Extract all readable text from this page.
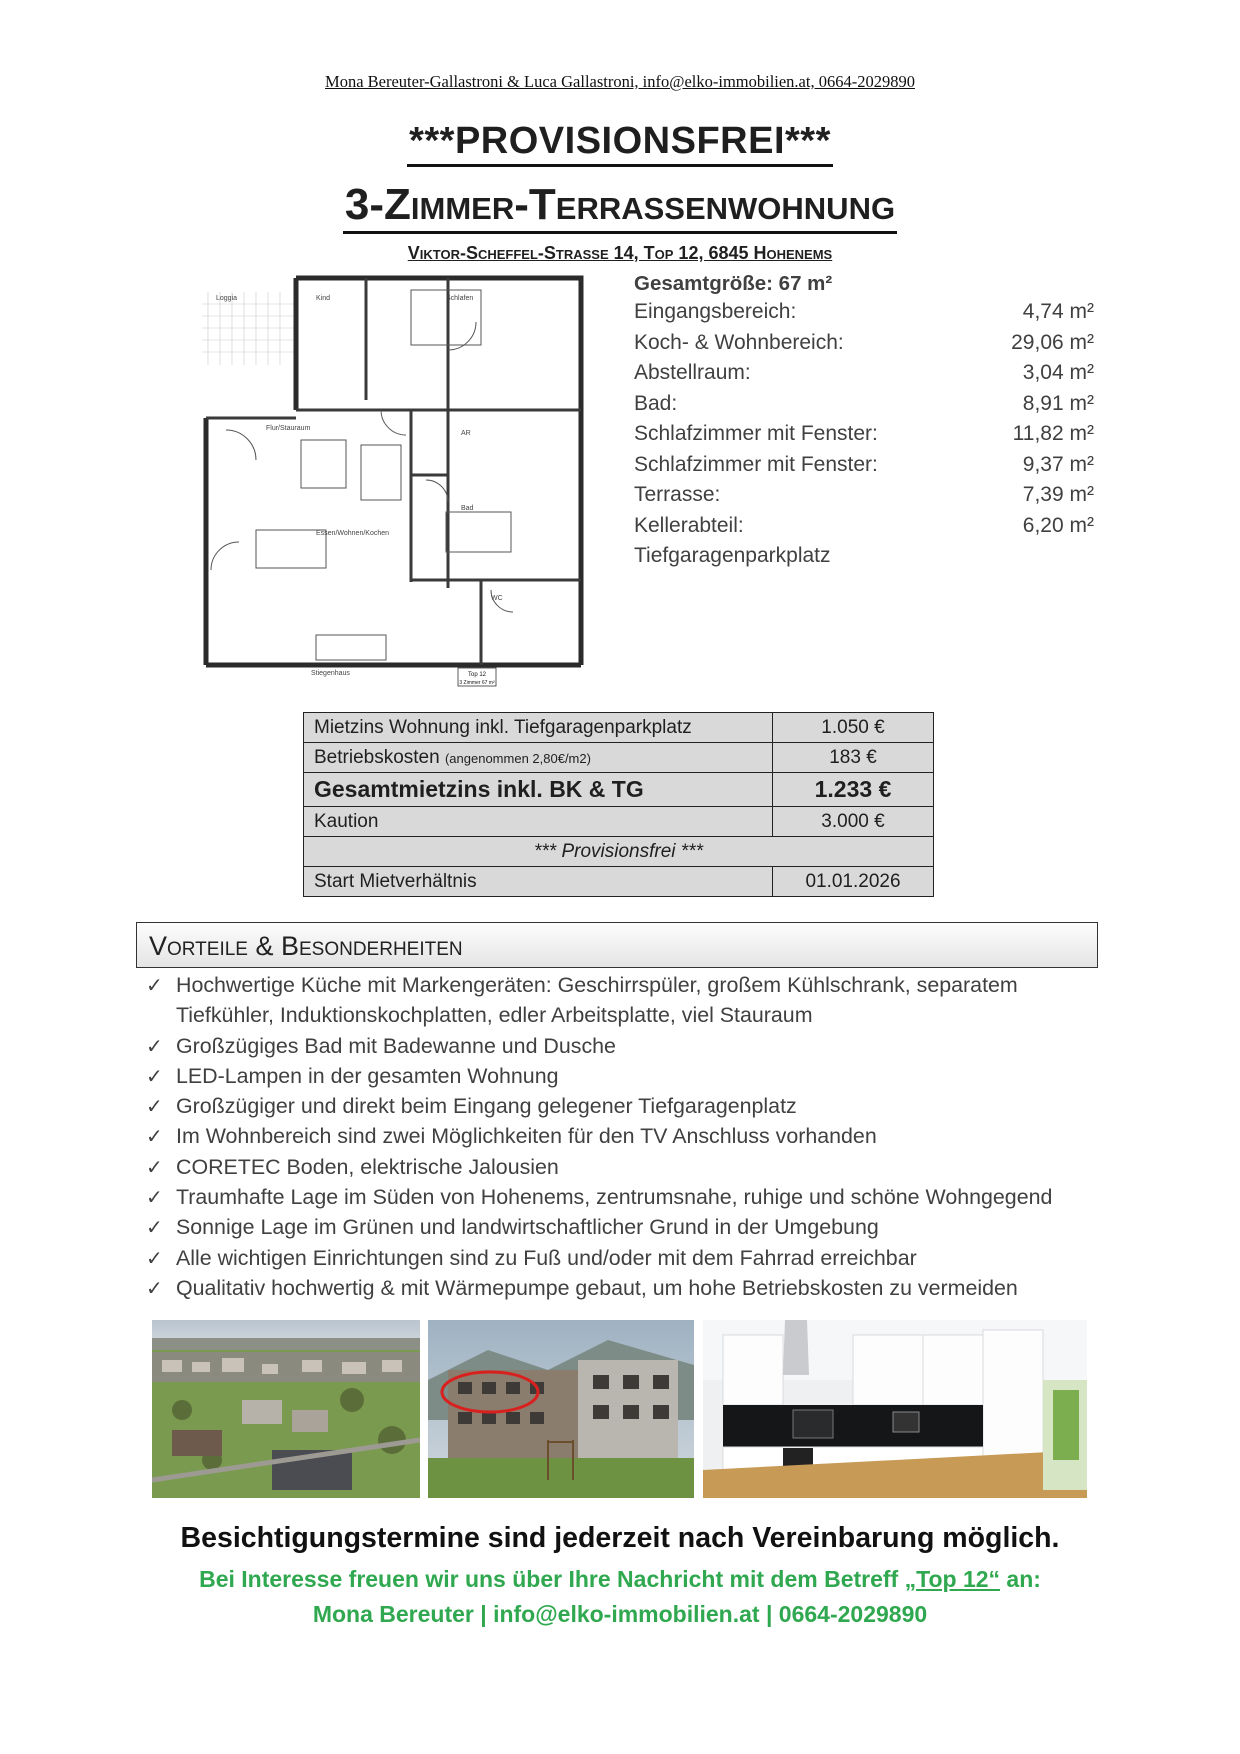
Mona Bereuter-Gallastroni & Luca Gallastroni, info@elko-immobilien.at, 0664-2029890
***PROVISIONSFREI***
3-Zimmer-Terrassenwohnung
Viktor-Scheffel-Straße 14, Top 12, 6845 Hohenems
Loggia	Kind	Schlafen
Flur/Stauraum
AR
Bad
Essen/Wohnen/Kochen
WC
Stiegenhaus	Top 12
3 Zimmer 67 m²
Gesamtgröße: 67 m²
Eingangsbereich:	4,74 m²
Koch- & Wohnbereich:	29,06 m²
Abstellraum:	3,04 m²
Bad:	8,91 m²
Schlafzimmer mit Fenster:	11,82 m²
Schlafzimmer mit Fenster:	9,37 m²
Terrasse:	7,39 m²
Kellerabteil:	6,20 m²
Tiefgaragenparkplatz
Mietzins Wohnung inkl. Tiefgaragenparkplatz	1.050 €
Betriebskosten (angenommen 2,80€/m2)	183 €
Gesamtmietzins inkl. BK & TG	1.233 €
Kaution	3.000 €
*** Provisionsfrei ***	
Start Mietverhältnis	01.01.2026
Vorteile & Besonderheiten
✓ Hochwertige Küche mit Markengeräten: Geschirrspüler, großem Kühlschrank, separatem Tiefkühler, Induktionskochplatten, edler Arbeitsplatte, viel Stauraum
✓ Großzügiges Bad mit Badewanne und Dusche
✓ LED-Lampen in der gesamten Wohnung
✓ Großzügiger und direkt beim Eingang gelegener Tiefgaragenplatz
✓ Im Wohnbereich sind zwei Möglichkeiten für den TV Anschluss vorhanden
✓ CORETEC Boden, elektrische Jalousien
✓ Traumhafte Lage im Süden von Hohenems, zentrumsnahe, ruhige und schöne Wohngegend
✓ Sonnige Lage im Grünen und landwirtschaftlicher Grund in der Umgebung
✓ Alle wichtigen Einrichtungen sind zu Fuß und/oder mit dem Fahrrad erreichbar
✓ Qualitativ hochwertig & mit Wärmepumpe gebaut, um hohe Betriebskosten zu vermeiden
Besichtigungstermine sind jederzeit nach Vereinbarung möglich.
Bei Interesse freuen wir uns über Ihre Nachricht mit dem Betreff „Top 12“ an:
Mona Bereuter | info@elko-immobilien.at | 0664-2029890
